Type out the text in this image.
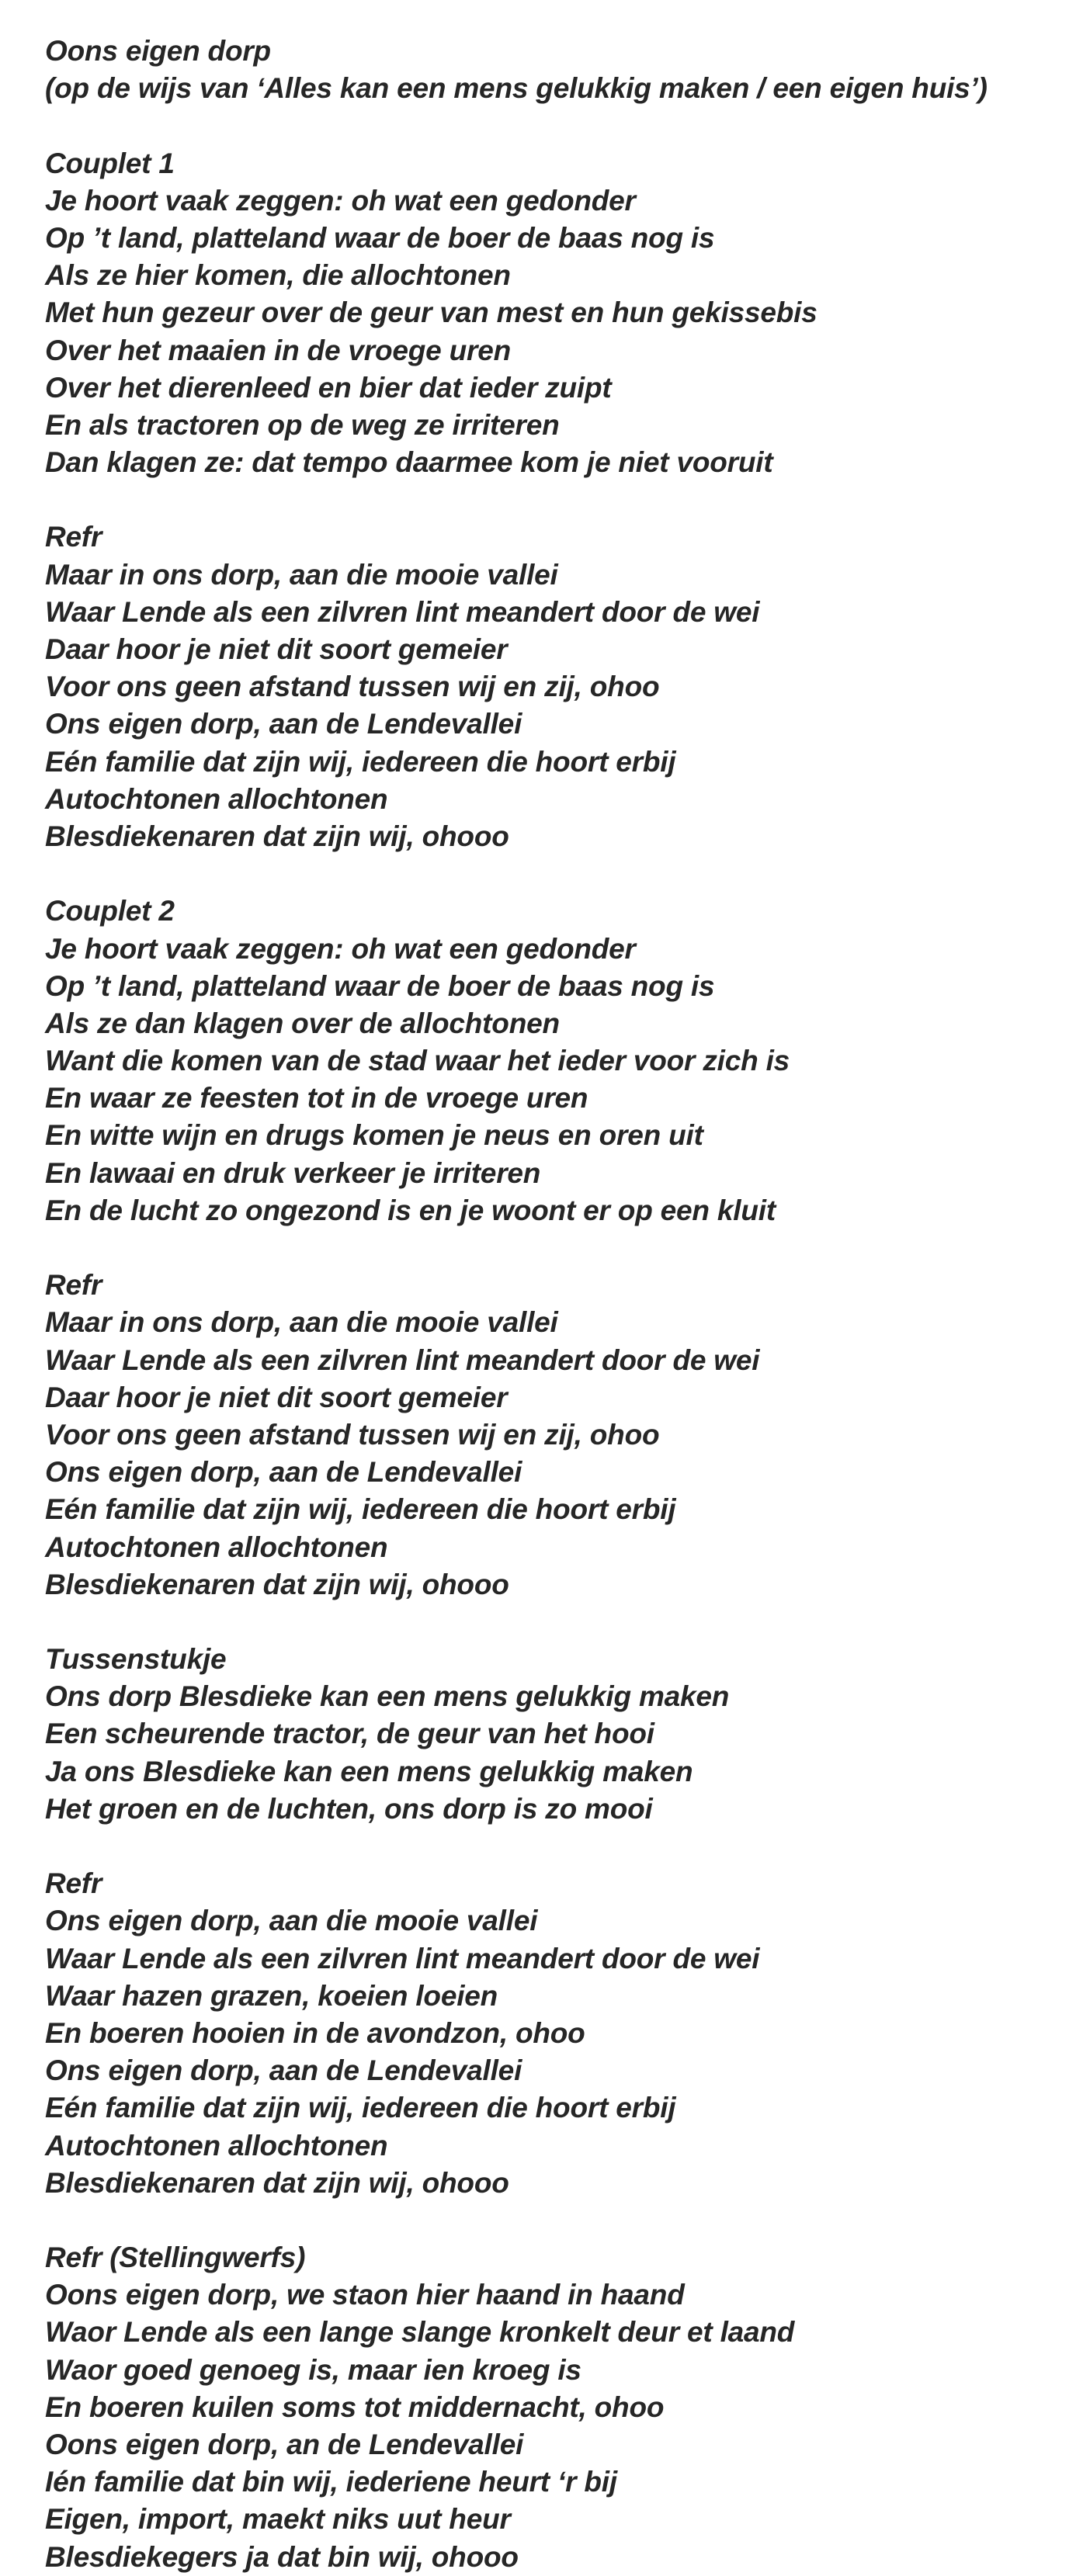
Oons eigen dorp
(op de wijs van ‘Alles kan een mens gelukkig maken / een eigen huis’)
Couplet 1
Je hoort vaak zeggen: oh wat een gedonder
Op ’t land, platteland waar de boer de baas nog is
Als ze hier komen, die allochtonen
Met hun gezeur over de geur van mest en hun gekissebis
Over het maaien in de vroege uren
Over het dierenleed en bier dat ieder zuipt
En als tractoren op de weg ze irriteren
Dan klagen ze: dat tempo daarmee kom je niet vooruit
Refr
Maar in ons dorp, aan die mooie vallei
Waar Lende als een zilvren lint meandert door de wei
Daar hoor je niet dit soort gemeier
Voor ons geen afstand tussen wij en zij, ohoo
Ons eigen dorp, aan de Lendevallei
Eén familie dat zijn wij, iedereen die hoort erbij
Autochtonen allochtonen
Blesdiekenaren dat zijn wij, ohooo
Couplet 2
Je hoort vaak zeggen: oh wat een gedonder
Op ’t land, platteland waar de boer de baas nog is
Als ze dan klagen over de allochtonen
Want die komen van de stad waar het ieder voor zich is
En waar ze feesten tot in de vroege uren
En witte wijn en drugs komen je neus en oren uit
En lawaai en druk verkeer je irriteren
En de lucht zo ongezond is en je woont er op een kluit
Refr
Maar in ons dorp, aan die mooie vallei
Waar Lende als een zilvren lint meandert door de wei
Daar hoor je niet dit soort gemeier
Voor ons geen afstand tussen wij en zij, ohoo
Ons eigen dorp, aan de Lendevallei
Eén familie dat zijn wij, iedereen die hoort erbij
Autochtonen allochtonen
Blesdiekenaren dat zijn wij, ohooo
Tussenstukje
Ons dorp Blesdieke kan een mens gelukkig maken
Een scheurende tractor, de geur van het hooi
Ja ons Blesdieke kan een mens gelukkig maken
Het groen en de luchten, ons dorp is zo mooi
Refr
Ons eigen dorp, aan die mooie vallei
Waar Lende als een zilvren lint meandert door de wei
Waar hazen grazen, koeien loeien
En boeren hooien in de avondzon, ohoo
Ons eigen dorp, aan de Lendevallei
Eén familie dat zijn wij, iedereen die hoort erbij
Autochtonen allochtonen
Blesdiekenaren dat zijn wij, ohooo
Refr (Stellingwerfs)
Oons eigen dorp, we staon hier haand in haand
Waor Lende als een lange slange kronkelt deur et laand
Waor goed genoeg is, maar ien kroeg is
En boeren kuilen soms tot middernacht, ohoo
Oons eigen dorp, an de Lendevallei
Ién familie dat bin wij, iederiene heurt ‘r bij
Eigen, import, maekt niks uut heur
Blesdiekegers ja dat bin wij, ohooo
